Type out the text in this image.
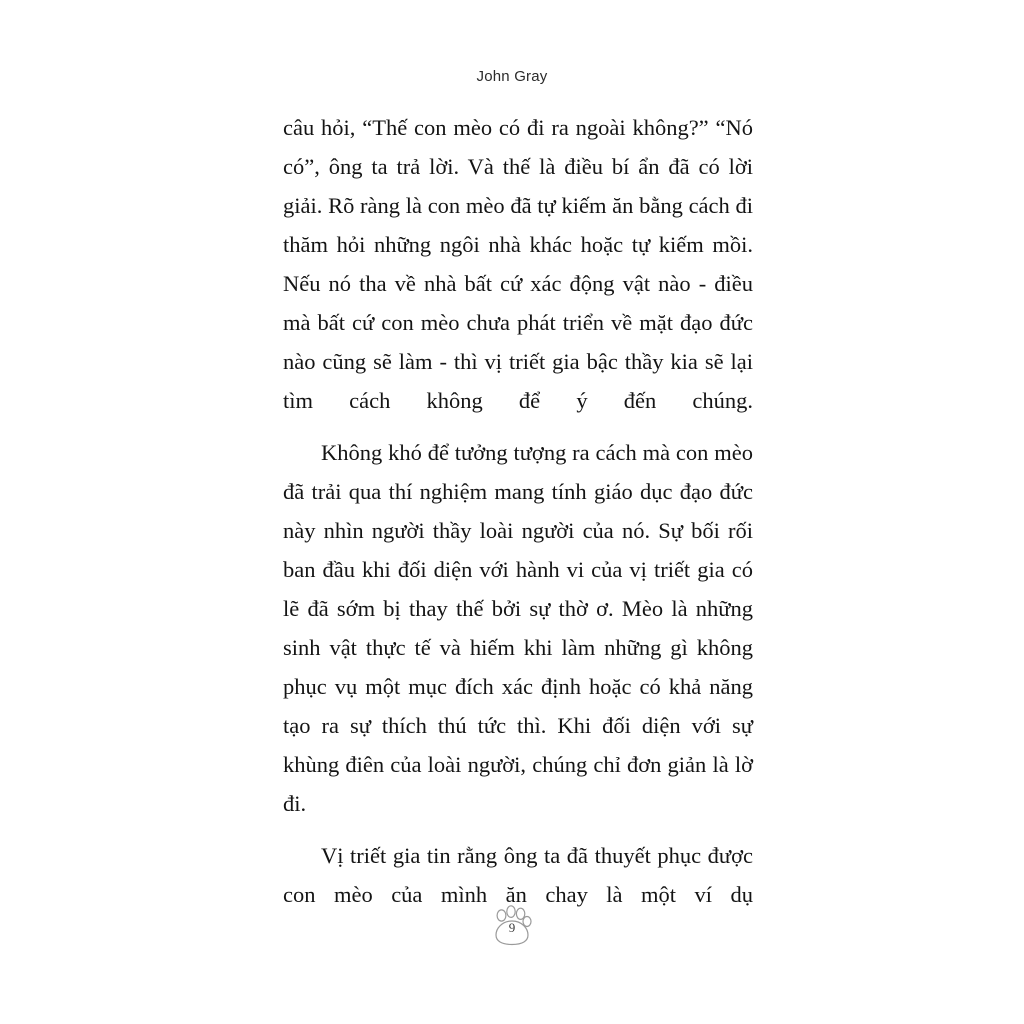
John Gray

câu hỏi, “Thế con mèo có đi ra ngoài không?” “Nó có”, ông ta trả lời. Và thế là điều bí ẩn đã có lời giải. Rõ ràng là con mèo đã tự kiếm ăn bằng cách đi thăm hỏi những ngôi nhà khác hoặc tự kiếm mồi. Nếu nó tha về nhà bất cứ xác động vật nào - điều mà bất cứ con mèo chưa phát triển về mặt đạo đức nào cũng sẽ làm - thì vị triết gia bậc thầy kia sẽ lại tìm cách không để ý đến chúng.

Không khó để tưởng tượng ra cách mà con mèo đã trải qua thí nghiệm mang tính giáo dục đạo đức này nhìn người thầy loài người của nó. Sự bối rối ban đầu khi đối diện với hành vi của vị triết gia có lẽ đã sớm bị thay thế bởi sự thờ ơ. Mèo là những sinh vật thực tế và hiếm khi làm những gì không phục vụ một mục đích xác định hoặc có khả năng tạo ra sự thích thú tức thì. Khi đối diện với sự khùng điên của loài người, chúng chỉ đơn giản là lờ đi.

Vị triết gia tin rằng ông ta đã thuyết phục được con mèo của mình ăn chay là một ví dụ

9
